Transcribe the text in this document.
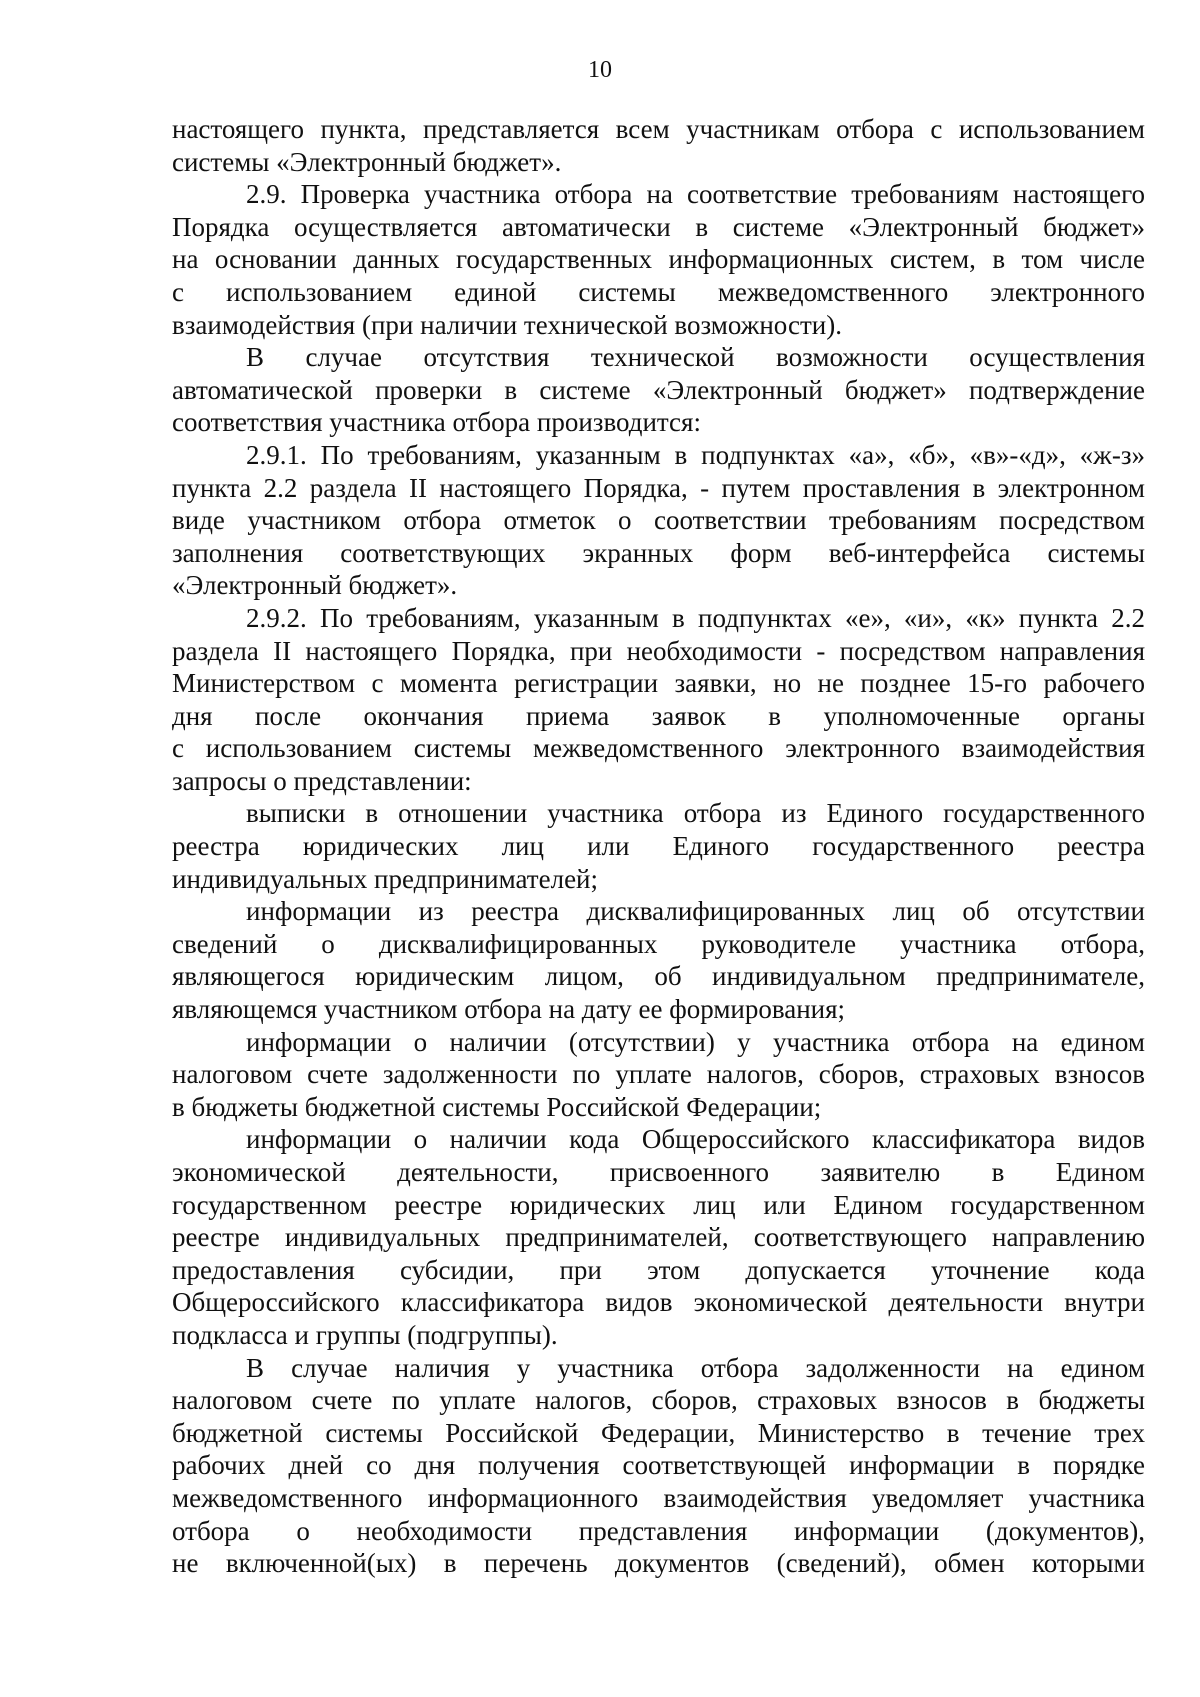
10
настоящего пункта, представляется всем участникам отбора с использованием
системы «Электронный бюджет».
2.9. Проверка участника отбора на соответствие требованиям настоящего
Порядка осуществляется автоматически в системе «Электронный бюджет»
на основании данных государственных информационных систем, в том числе
с использованием единой системы межведомственного электронного
взаимодействия (при наличии технической возможности).
В случае отсутствия технической возможности осуществления
автоматической проверки в системе «Электронный бюджет» подтверждение
соответствия участника отбора производится:
2.9.1. По требованиям, указанным в подпунктах «а», «б», «в»-«д», «ж-з»
пункта 2.2 раздела II настоящего Порядка, - путем проставления в электронном
виде участником отбора отметок о соответствии требованиям посредством
заполнения соответствующих экранных форм веб-интерфейса системы
«Электронный бюджет».
2.9.2. По требованиям, указанным в подпунктах «е», «и», «к» пункта 2.2
раздела II настоящего Порядка, при необходимости - посредством направления
Министерством с момента регистрации заявки, но не позднее 15-го рабочего
дня после окончания приема заявок в уполномоченные органы
с использованием системы межведомственного электронного взаимодействия
запросы о представлении:
выписки в отношении участника отбора из Единого государственного
реестра юридических лиц или Единого государственного реестра
индивидуальных предпринимателей;
информации из реестра дисквалифицированных лиц об отсутствии
сведений о дисквалифицированных руководителе участника отбора,
являющегося юридическим лицом, об индивидуальном предпринимателе,
являющемся участником отбора на дату ее формирования;
информации о наличии (отсутствии) у участника отбора на едином
налоговом счете задолженности по уплате налогов, сборов, страховых взносов
в бюджеты бюджетной системы Российской Федерации;
информации о наличии кода Общероссийского классификатора видов
экономической деятельности, присвоенного заявителю в Едином
государственном реестре юридических лиц или Едином государственном
реестре индивидуальных предпринимателей, соответствующего направлению
предоставления субсидии, при этом допускается уточнение кода
Общероссийского классификатора видов экономической деятельности внутри
подкласса и группы (подгруппы).
В случае наличия у участника отбора задолженности на едином
налоговом счете по уплате налогов, сборов, страховых взносов в бюджеты
бюджетной системы Российской Федерации, Министерство в течение трех
рабочих дней со дня получения соответствующей информации в порядке
межведомственного информационного взаимодействия уведомляет участника
отбора о необходимости представления информации (документов),
не включенной(ых) в перечень документов (сведений), обмен которыми
